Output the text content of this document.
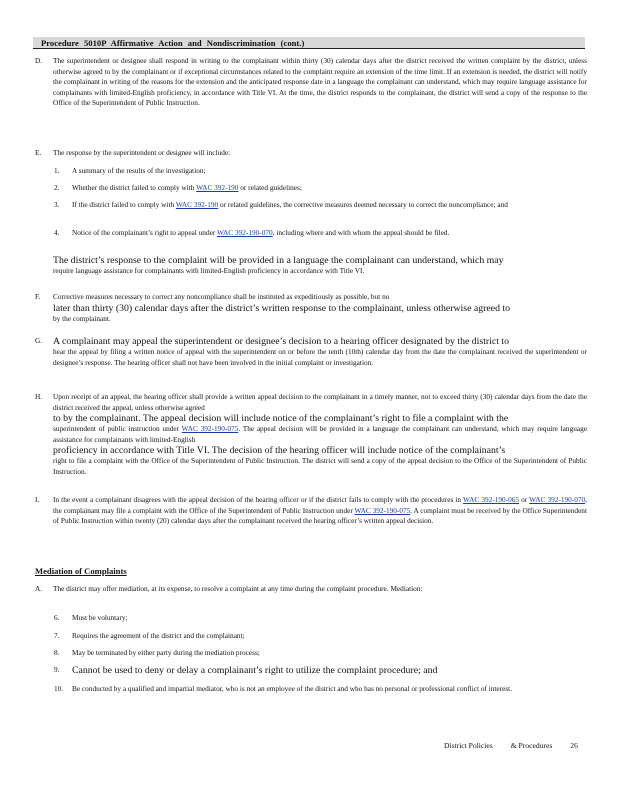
Procedure 5010P Affirmative Action and Nondiscrimination (cont.)
D.	The superintendent or designee shall respond in writing to the complainant within thirty (30) calendar days after the district received the written complaint by the district, unless otherwise agreed to by the complainant or if exceptional circumstances related to the complaint require an extension of the time limit. If an extension is needed, the district will notify the complainant in writing of the reasons for the extension and the anticipated response date in a language the complainant can understand, which may require language assistance for complainants with limited-English proficiency, in accordance with Title VI. At the time, the district responds to the complainant, the district will send a copy of the response to the Office of the Superintendent of Public Instruction.
E.	The response by the superintendent or designee will include:
1.	A summary of the results of the investigation;
2.	Whether the district failed to comply with WAC 392-190 or related guidelines;
3.	If the district failed to comply with WAC 392-190 or related guidelines, the corrective measures deemed necessary to correct the noncompliance; and
4.	Notice of the complainant’s right to appeal under WAC 392-190-070, including where and with whom the appeal should be filed.
The district’s response to the complaint will be provided in a language the complainant can understand, which may
require language assistance for complainants with limited-English proficiency in accordance with Title VI.
F.	Corrective measures necessary to correct any noncompliance shall be instituted as expeditiously as possible, but no
later than thirty (30) calendar days after the district’s written response to the complainant, unless otherwise agreed to
by the complainant.
G.	A complainant may appeal the superintendent or designee’s decision to a hearing officer designated by the district to
hear the appeal by filing a written notice of appeal with the superintendent on or before the tenth (10th) calendar day from the date the complainant received the superintendent or designee’s response. The hearing officer shall not have been involved in the initial complaint or investigation.
H.	Upon receipt of an appeal, the hearing officer shall provide a written appeal decision to the complainant in a timely manner, not to exceed thirty (30) calendar days from the date the district received the appeal, unless otherwise agreed
to by the complainant. The appeal decision will include notice of the complainant’s right to file a complaint with the
superintendent of public instruction under WAC 392-190-075. The appeal decision will be provided in a language the complainant can understand, which may require language assistance for complainants with limited-English
proficiency in accordance with Title VI. The decision of the hearing officer will include notice of the complainant’s
right to file a complaint with the Office of the Superintendent of Public Instruction. The district will send a copy of the appeal decision to the Office of the Superintendent of Public Instruction.
I.	In the event a complainant disagrees with the appeal decision of the hearing officer or if the district fails to comply with the procedures in WAC 392-190-065 or WAC 392-190-070, the complainant may file a complaint with the Office of the Superintendent of Public Instruction under WAC 392-190-075. A complaint must be received by the Office Superintendent of Public Instruction within twenty (20) calendar days after the complainant received the hearing officer’s written appeal decision.
Mediation of Complaints
A.	The district may offer mediation, at its expense, to resolve a complaint at any time during the complaint procedure. Mediation:
6.	Must be voluntary;
7.	Requires the agreement of the district and the complainant;
8.	May be terminated by either party during the mediation process;
9.	Cannot be used to deny or delay a complainant’s right to utilize the complaint procedure; and
10.	Be conducted by a qualified and impartial mediator, who is not an employee of the district and who has no personal or professional conflict of interest.
District Policies & Procedures 26
